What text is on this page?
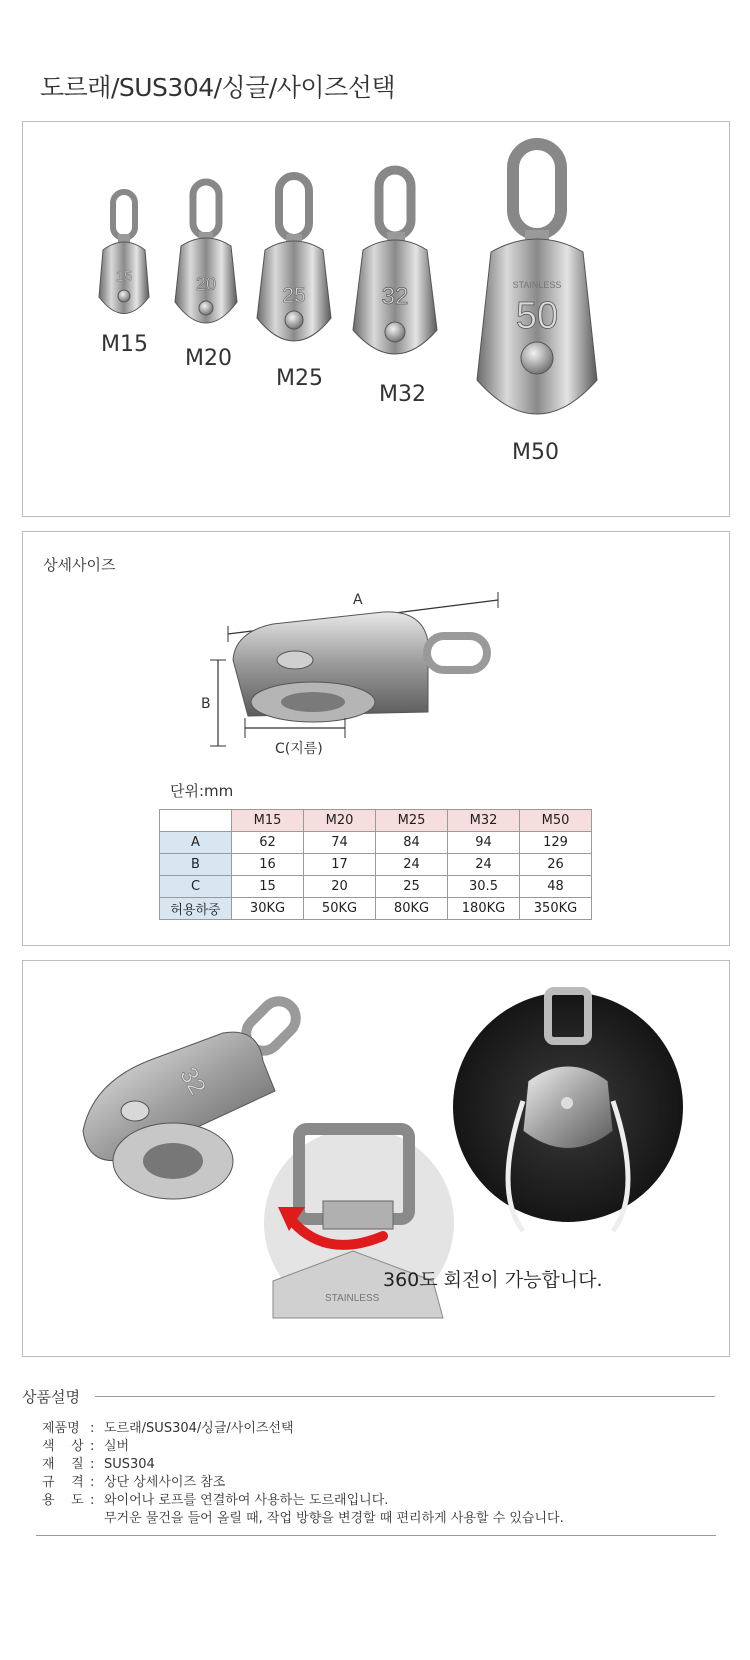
도르래/SUS304/싱글/사이즈선택
15	20	25	32	STAINLESS
50
M15
M20
M25
M32
M50
상세사이즈
A
B
C(지름)
단위:mm
	M15	M20	M25	M32	M50
A	62	74	84	94	129
B	16	17	24	24	26
C	15	20	25	30.5	48
허용하중	30KG	50KG	80KG	180KG	350KG
32
STAINLESS
360도 회전이 가능합니다.
상품설명
제품명 : 도르래/SUS304/싱글/사이즈선택
색    상 : 실버
재    질 : SUS304
규    격 : 상단 상세사이즈 참조
용    도 : 와이어나 로프를 연결하여 사용하는 도르래입니다.
무거운 물건을 들어 올릴 때, 작업 방향을 변경할 때 편리하게 사용할 수 있습니다.
